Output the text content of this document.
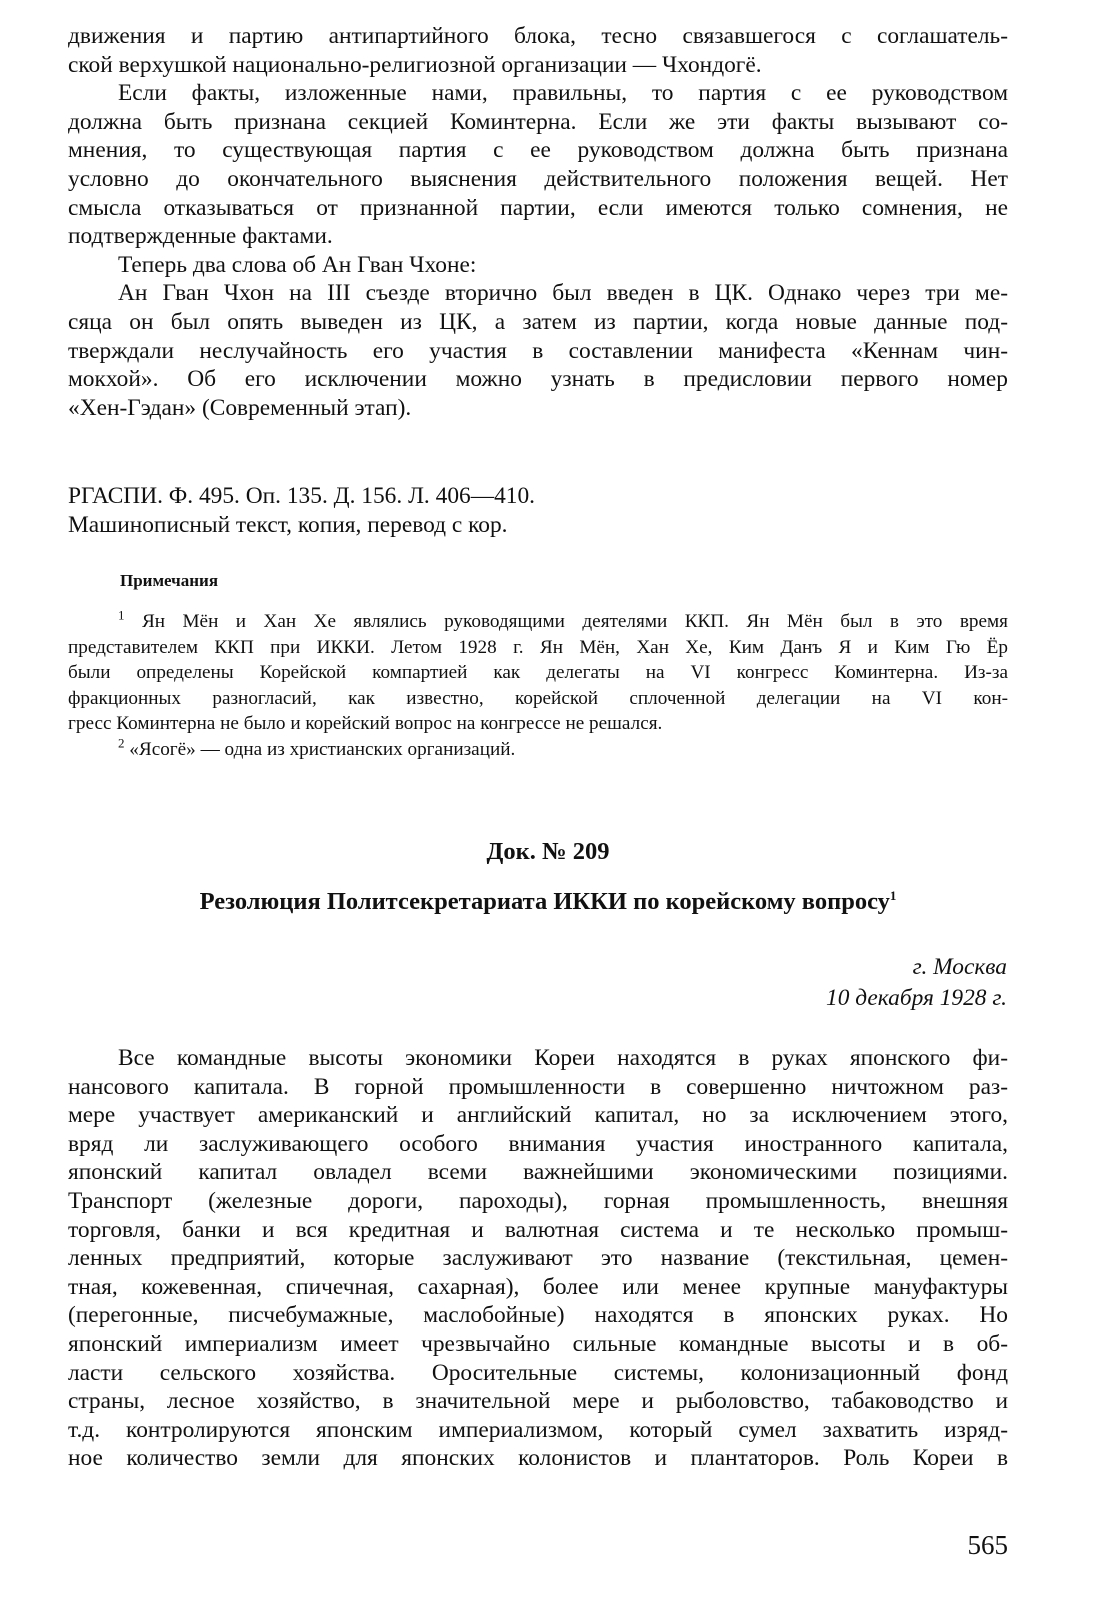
движения и партию антипартийного блока, тесно связавшегося с соглашатель-
ской верхушкой национально-религиозной организации — Чхондогё.
Если факты, изложенные нами, правильны, то партия с ее руководством
должна быть признана секцией Коминтерна. Если же эти факты вызывают со-
мнения, то существующая партия с ее руководством должна быть признана
условно до окончательного выяснения действительного положения вещей. Нет
смысла отказываться от признанной партии, если имеются только сомнения, не
подтвержденные фактами.
Теперь два слова об Ан Гван Чхоне:
Ан Гван Чхон на III съезде вторично был введен в ЦК. Однако через три ме-
сяца он был опять выведен из ЦК, а затем из партии, когда новые данные под-
тверждали неслучайность его участия в составлении манифеста «Кеннам чин-
мокхой». Об его исключении можно узнать в предисловии первого номер
«Хен-Гэдан» (Современный этап).
РГАСПИ. Ф. 495. Оп. 135. Д. 156. Л. 406—410.
Машинописный текст, копия, перевод с кор.
Примечания
$^1$ Ян Мён и Хан Хе являлись руководящими деятелями ККП. Ян Мён был в это время
представителем ККП при ИККИ. Летом 1928 г. Ян Мён, Хан Хе, Ким Данъ Я и Ким Гю Ёр
были определены Корейской компартией как делегаты на VI конгресс Коминтерна. Из-за
фракционных разногласий, как известно, корейской сплоченной делегации на VI кон-
гресс Коминтерна не было и корейский вопрос на конгрессе не решался.
$^2$ «Ясогё» — одна из христианских организаций.
Док. № 209
Резолюция Политсекретариата ИККИ по корейскому вопросу$^1$
г. Москва
10 декабря 1928 г.
Все командные высоты экономики Кореи находятся в руках японского фи-
нансового капитала. В горной промышленности в совершенно ничтожном раз-
мере участвует американский и английский капитал, но за исключением этого,
вряд ли заслуживающего особого внимания участия иностранного капитала,
японский капитал овладел всеми важнейшими экономическими позициями.
Транспорт (железные дороги, пароходы), горная промышленность, внешняя
торговля, банки и вся кредитная и валютная система и те несколько промыш-
ленных предприятий, которые заслуживают это название (текстильная, цемен-
тная, кожевенная, спичечная, сахарная), более или менее крупные мануфактуры
(перегонные, писчебумажные, маслобойные) находятся в японских руках. Но
японский империализм имеет чрезвычайно сильные командные высоты и в об-
ласти сельского хозяйства. Оросительные системы, колонизационный фонд
страны, лесное хозяйство, в значительной мере и рыболовство, табаководство и
т.д. контролируются японским империализмом, который сумел захватить изряд-
ное количество земли для японских колонистов и плантаторов. Роль Кореи в
565
